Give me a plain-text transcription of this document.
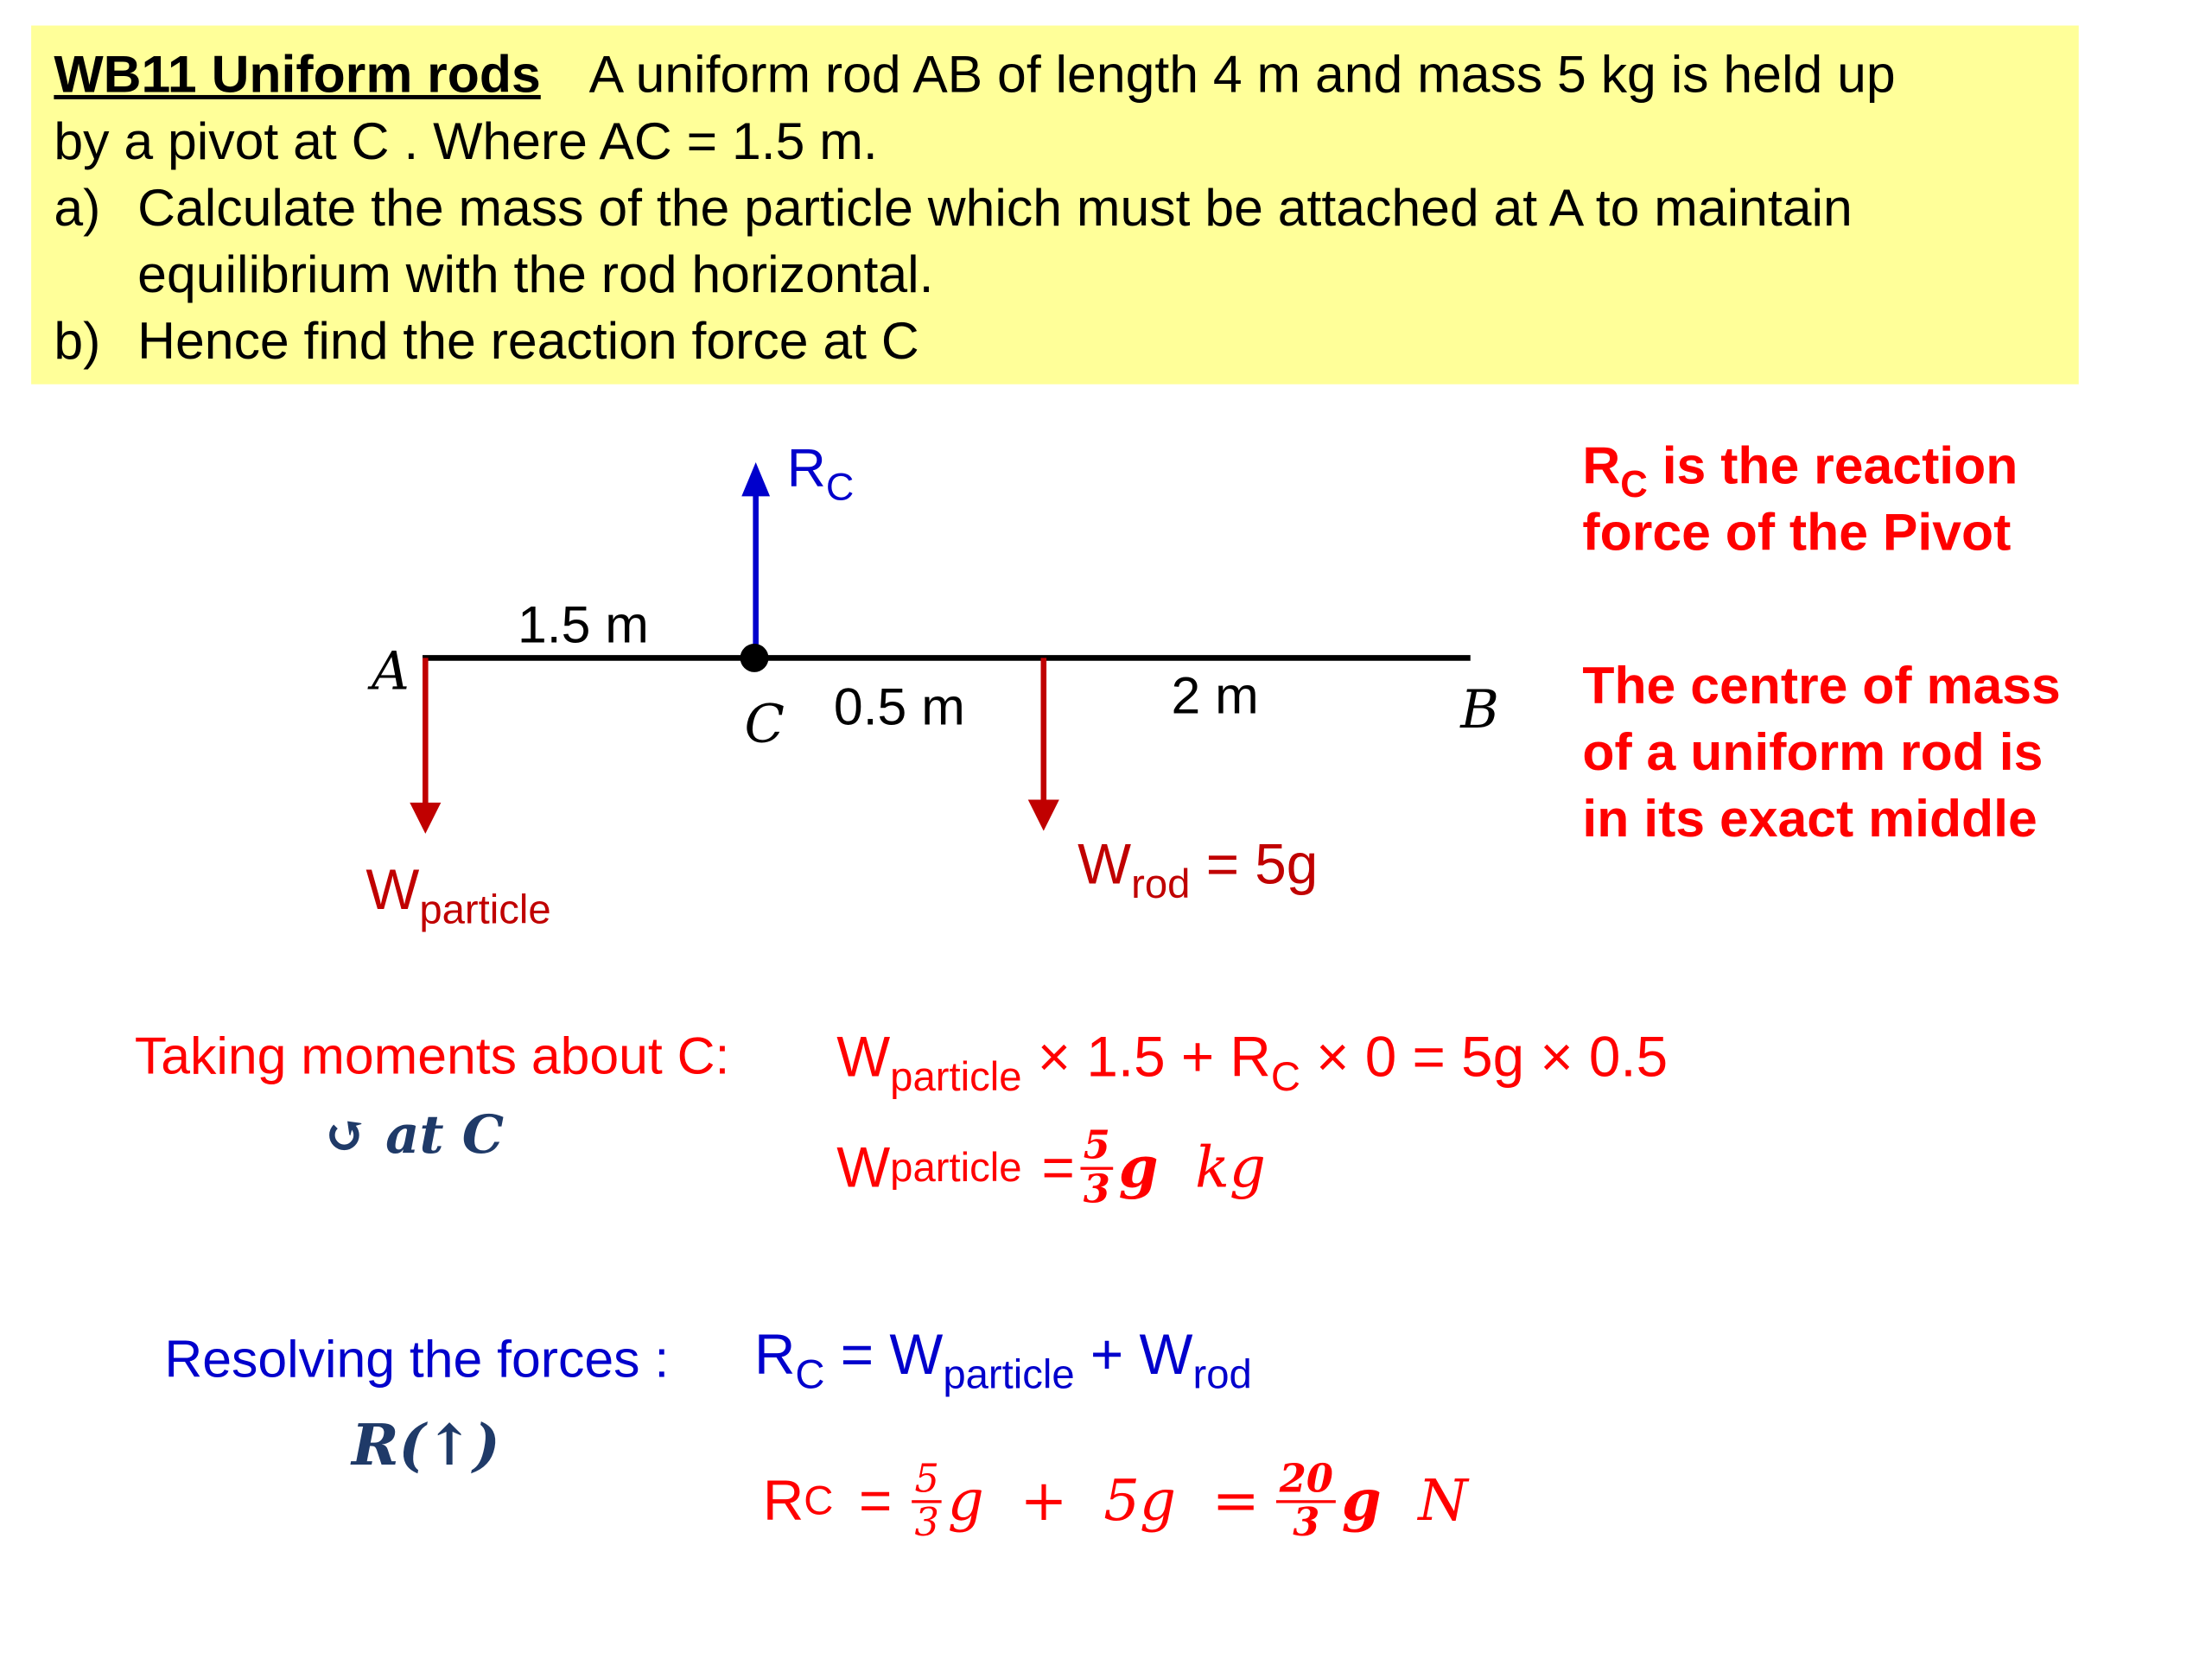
WB11 Uniform rods A uniform rod AB of length 4 m and mass 5 kg is held up
by a pivot at C . Where AC = 1.5 m.
a) Calculate the mass of the particle which must be attached at A to maintain
equilibrium with the rod horizontal.
b) Hence find the reaction force at C
A
C	B
1.5 m
0.5 m	2 m
$R_C$
$W_{particle}$
$W_{rod} = 5g$
$R_C$ is the reaction
force of the Pivot
The centre of mass
of a uniform rod is
in its exact middle
Taking moments about C:
↺ at C
$W_{particle} \times 1.5 + R_C \times 0 = 5g \times 0.5$
W particle = $\frac{5}{3}$ g kg
Resolving the forces :
R(↑)
$R_C = W_{particle} + W_{rod}$
R $C = \frac{5}{3}$ $g + 5g = \frac{20}{3}$ g N
